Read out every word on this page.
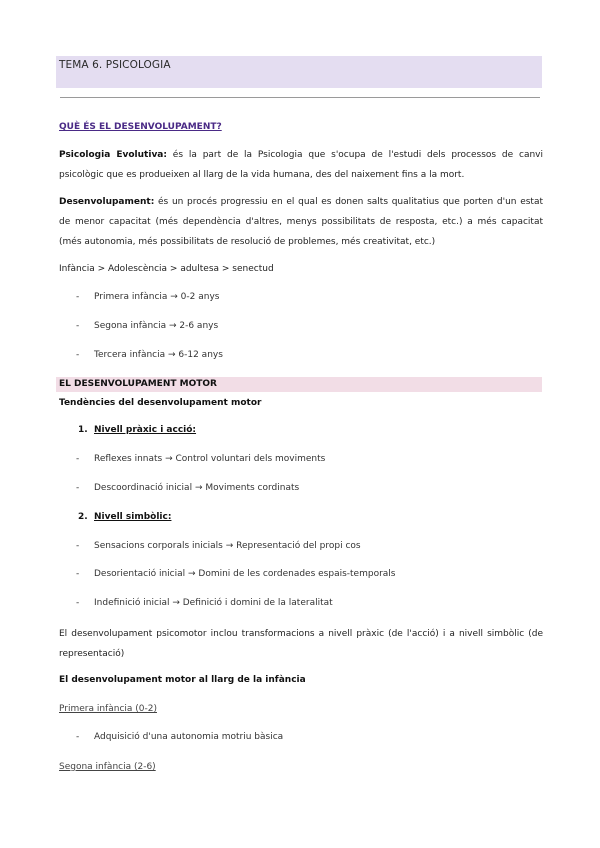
TEMA 6. PSICOLOGIA
QUÈ ÉS EL DESENVOLUPAMENT?
Psicologia Evolutiva: és la part de la Psicologia que s'ocupa de l'estudi dels processos de canvi psicològic que es produeixen al llarg de la vida humana, des del naixement fins a la mort.
Desenvolupament: és un procés progressiu en el qual es donen salts qualitatius que porten d'un estat de menor capacitat (més dependència d'altres, menys possibilitats de resposta, etc.) a més capacitat (més autonomia, més possibilitats de resolució de problemes, més creativitat, etc.)
Infància > Adolescència > adultesa > senectud
- Primera infància → 0-2 anys
- Segona infància → 2-6 anys
- Tercera infància → 6-12 anys
EL DESENVOLUPAMENT MOTOR
Tendències del desenvolupament motor
1. Nivell pràxic i acció:
- Reflexes innats → Control voluntari dels moviments
- Descoordinació inicial → Moviments cordinats
2. Nivell simbòlic:
- Sensacions corporals inicials → Representació del propi cos
- Desorientació inicial → Domini de les cordenades espais-temporals
- Indefinició inicial → Definició i domini de la lateralitat
El desenvolupament psicomotor inclou transformacions a nivell pràxic (de l'acció) i a nivell simbòlic (de representació)
El desenvolupament motor al llarg de la infància
Primera infància (0-2)
- Adquisició d'una autonomia motriu bàsica
Segona infància (2-6)
